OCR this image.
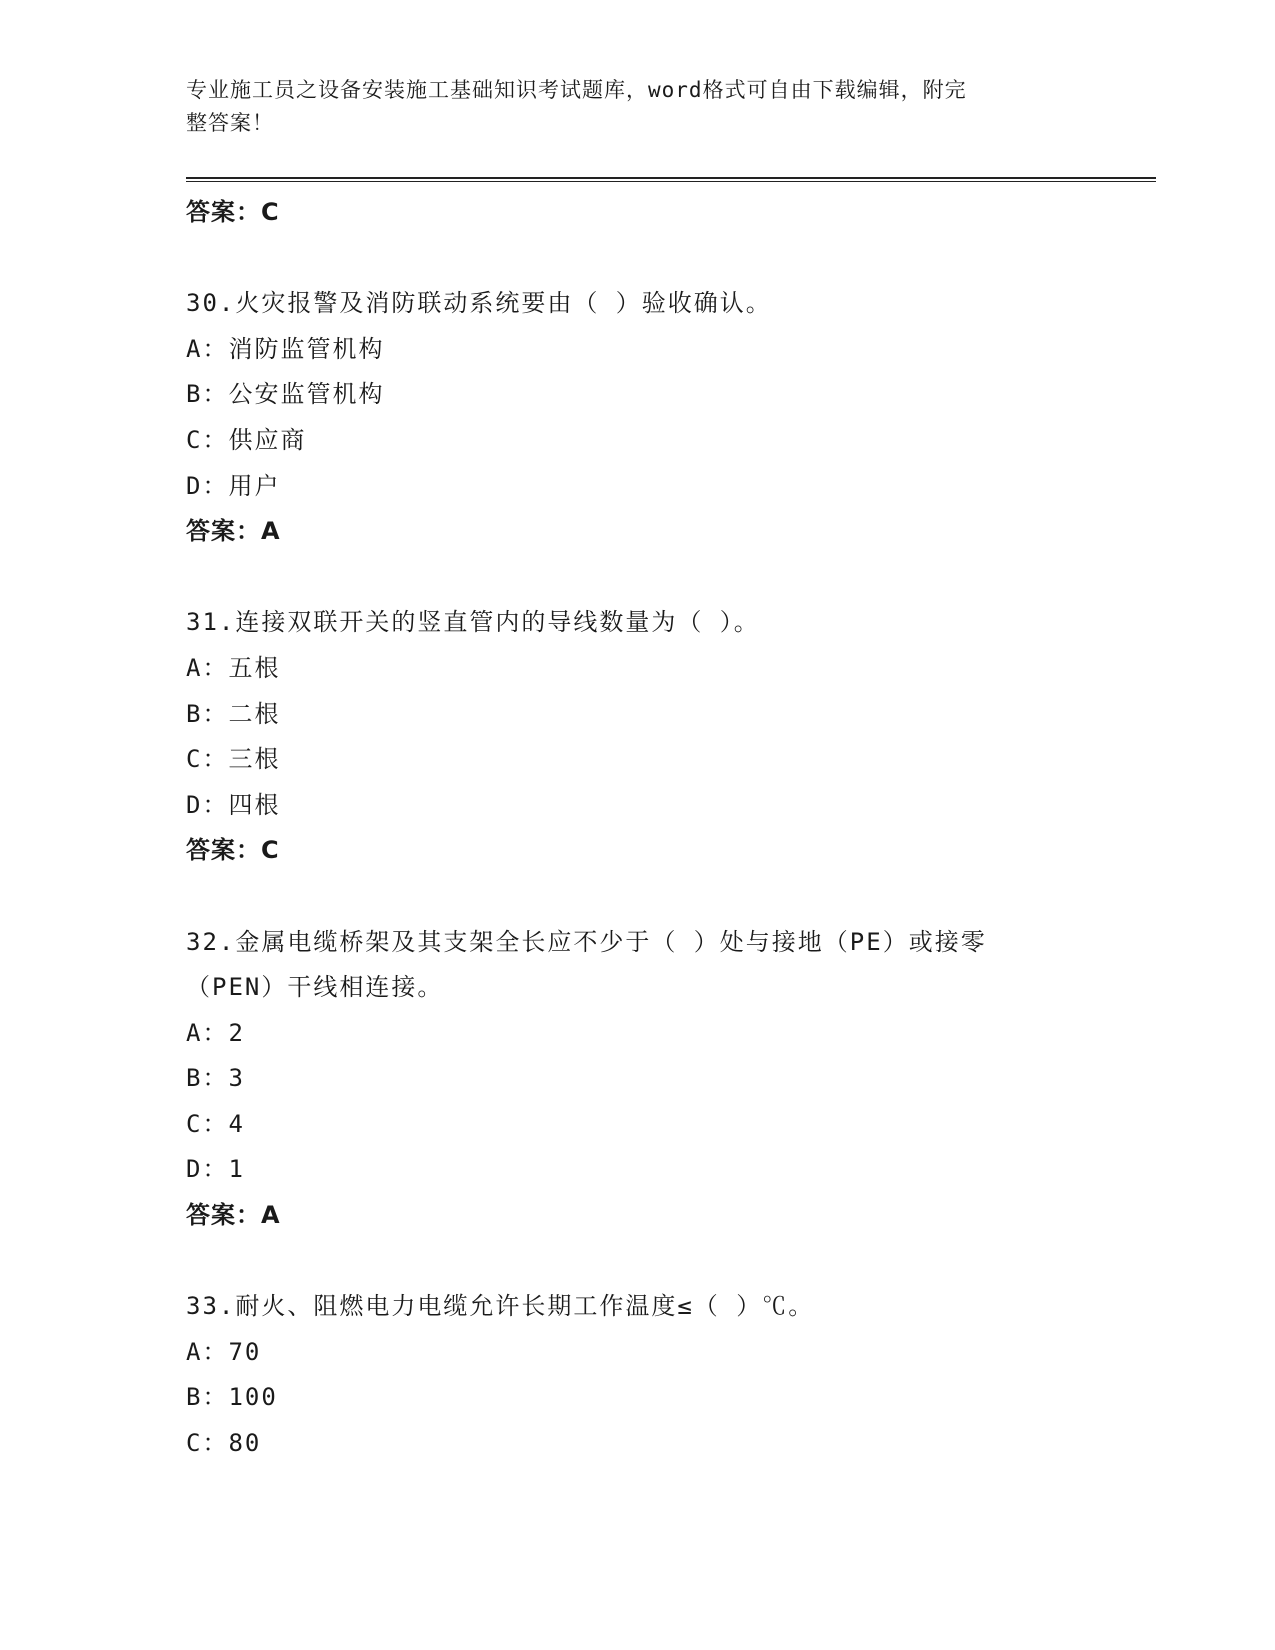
专业施工员之设备安装施工基础知识考试题库，word格式可自由下载编辑，附完
整答案！
答案：C
30.火灾报警及消防联动系统要由（ ）验收确认。
A：消防监管机构
B：公安监管机构
C：供应商
D：用户
答案：A
31.连接双联开关的竖直管内的导线数量为（ ）。
A：五根
B：二根
C：三根
D：四根
答案：C
32.金属电缆桥架及其支架全长应不少于（ ）处与接地（PE）或接零
（PEN）干线相连接。
A：2
B：3
C：4
D：1
答案：A
33.耐火、阻燃电力电缆允许长期工作温度≤（ ）℃。
A：70
B：100
C：80
